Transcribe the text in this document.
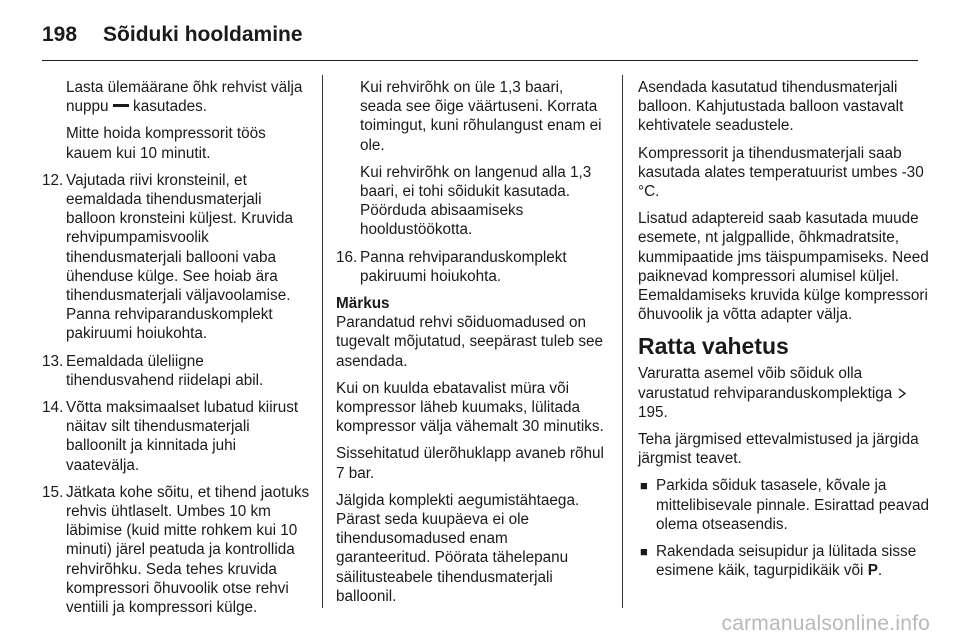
198 Sõiduki hooldamine

Lasta ülemäärane õhk rehvist välja nuppu kasutades.

Mitte hoida kompressorit töös kauem kui 10 minutit.

12. Vajutada riivi kronsteinil, et eemaldada tihendusmaterjali balloon kronsteini küljest. Kruvida rehvipumpamisvoolik tihendusmaterjali ballooni vaba ühenduse külge. See hoiab ära tihendusmaterjali väljavoolamise. Panna rehviparanduskomplekt pakiruumi hoiukohta.
13. Eemaldada üleliigne tihendusvahend riidelapi abil.
14. Võtta maksimaalset lubatud kiirust näitav silt tihendusmaterjali balloonilt ja kinnitada juhi vaatevälja.
15. Jätkata kohe sõitu, et tihend jaotuks rehvis ühtlaselt. Umbes 10 km läbimise (kuid mitte rohkem kui 10 minuti) järel peatuda ja kontrollida rehvirõhku. Seda tehes kruvida kompressori õhuvoolik otse rehvi ventiili ja kompressori külge.

Kui rehvirõhk on üle 1,3 baari, seada see õige väärtuseni. Korrata toimingut, kuni rõhulangust enam ei ole.

Kui rehvirõhk on langenud alla 1,3 baari, ei tohi sõidukit kasutada. Pöörduda abisaamiseks hooldustöökotta.

16. Panna rehviparanduskomplekt pakiruumi hoiukohta.

Märkus

Parandatud rehvi sõiduomadused on tugevalt mõjutatud, seepärast tuleb see asendada.

Kui on kuulda ebatavalist müra või kompressor läheb kuumaks, lülitada kompressor välja vähemalt 30 minutiks.

Sissehitatud ülerõhuklapp avaneb rõhul 7 bar.

Jälgida komplekti aegumistähtaega. Pärast seda kuupäeva ei ole tihendusomadused enam garanteeritud. Pöörata tähelepanu säilitusteabele tihendusmaterjali balloonil.

Asendada kasutatud tihendusmaterjali balloon. Kahjutustada balloon vastavalt kehtivatele seadustele.

Kompressorit ja tihendusmaterjali saab kasutada alates temperatuurist umbes -30 °C.

Lisatud adaptereid saab kasutada muude esemete, nt jalgpallide, õhkmadratsite, kummipaatide jms täispumpamiseks. Need paiknevad kompressori alumisel küljel. Eemaldamiseks kruvida külge kompressori õhuvoolik ja võtta adapter välja.

Ratta vahetus

Varuratta asemel võib sõiduk olla varustatud rehviparanduskomplektiga  195.

Teha järgmised ettevalmistused ja järgida järgmist teavet.

■ Parkida sõiduk tasasele, kõvale ja mittelibisevale pinnale. Esirattad peavad olema otseasendis.
■ Rakendada seisupidur ja lülitada sisse esimene käik, tagurpidikäik või P.
carmanualsonline.info
